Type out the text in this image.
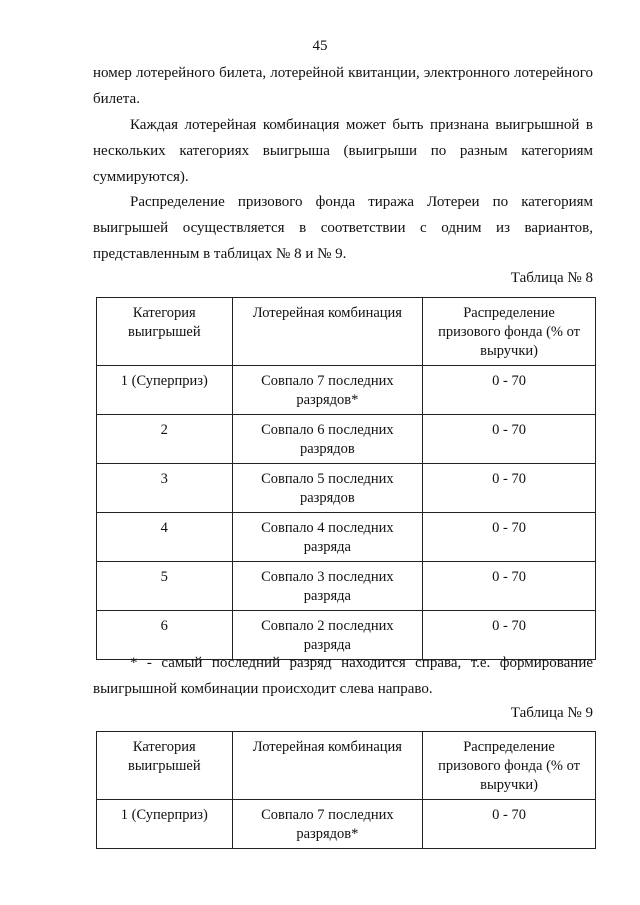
45
номер лотерейного билета, лотерейной квитанции, электронного лотерейного
билета.
Каждая лотерейная комбинация может быть признана выигрышной в
нескольких категориях выигрыша (выигрыши по разным категориям
суммируются).
Распределение призового фонда тиража Лотереи по категориям
выигрышей осуществляется в соответствии с одним из вариантов,
представленным в таблицах № 8 и № 9.
Таблица № 8
Категория выигрышей	Лотерейная комбинация	Распределение призового фонда (% от выручки)
1 (Суперприз)	Совпало 7 последних разрядов*	0 - 70
2	Совпало 6 последних разрядов	0 - 70
3	Совпало 5 последних разрядов	0 - 70
4	Совпало 4 последних разряда	0 - 70
5	Совпало 3 последних разряда	0 - 70
6	Совпало 2 последних разряда	0 - 70
* - самый последний разряд находится справа, т.е. формирование
выигрышной комбинации происходит слева направо.
Таблица № 9
Категория выигрышей	Лотерейная комбинация	Распределение призового фонда (% от выручки)
1 (Суперприз)	Совпало 7 последних разрядов*	0 - 70
